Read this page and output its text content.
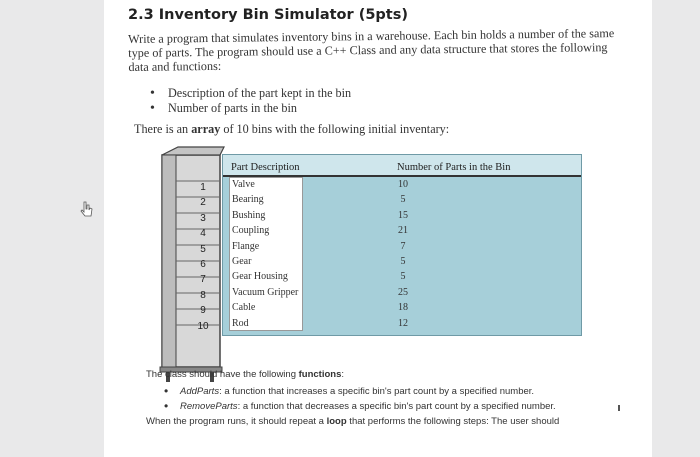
2.3 Inventory Bin Simulator (5pts)
Write a program that simulates inventory bins in a warehouse. Each bin holds a number of the same type of parts. The program should use a C++ Class and any data structure that stores the following data and functions:
• Description of the part kept in the bin
• Number of parts in the bin
There is an array of 10 bins with the following initial inventary:
Part Description	Number of Parts in the Bin
Valve	10
Bearing	5
Bushing	15
Coupling	21
Flange	7
Gear	5
Gear Housing	5
Vacuum Gripper	25
Cable	18
Rod	12
1
2
3
4
5
6
7
8
9
10
The class should have the following functions:
• AddParts: a function that increases a specific bin's part count by a specified number.
• RemoveParts: a function that decreases a specific bin's part count by a specified number.
When the program runs, it should repeat a loop that performs the following steps: The user should
